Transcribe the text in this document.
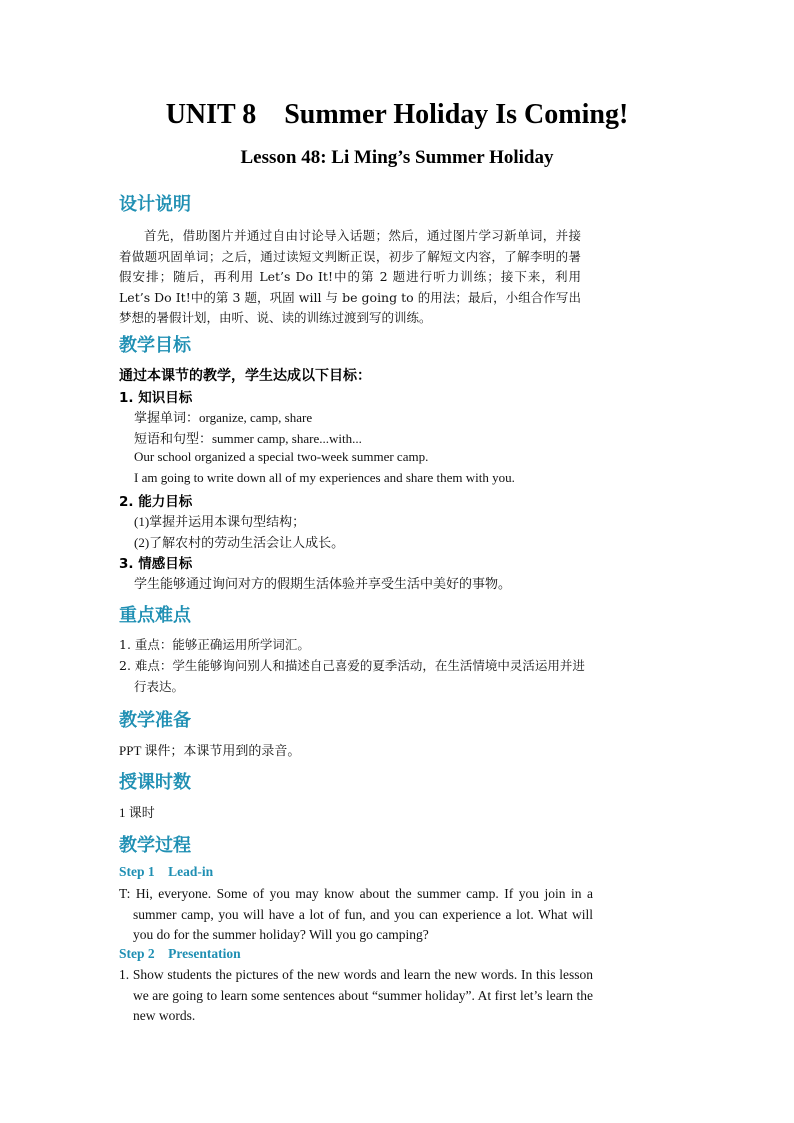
UNIT 8    Summer Holiday Is Coming!
Lesson 48: Li Ming’s Summer Holiday
设计说明
首先，借助图片并通过自由讨论导入话题；然后，通过图片学习新单词，并接着做题巩固单词；之后，通过读短文判断正误，初步了解短文内容，了解李明的暑假安排；随后，再利用 Let’s Do It!中的第 2 题进行听力训练；接下来，利用 Let’s Do It!中的第 3 题，巩固 will 与 be going to 的用法；最后，小组合作写出梦想的暑假计划，由听、说、读的训练过渡到写的训练。
教学目标
通过本课节的教学，学生达成以下目标：
1. 知识目标
掌握单词：organize, camp, share
短语和句型：summer camp, share...with...
Our school organized a special two-week summer camp.
I am going to write down all of my experiences and share them with you.
2. 能力目标
(1)掌握并运用本课句型结构；
(2)了解农村的劳动生活会让人成长。
3. 情感目标
学生能够通过询问对方的假期生活体验并享受生活中美好的事物。
重点难点
1. 重点：能够正确运用所学词汇。
2. 难点：学生能够询问别人和描述自己喜爱的夏季活动，在生活情境中灵活运用并进行表达。
教学准备
PPT 课件；本课节用到的录音。
授课时数
1 课时
教学过程
Step 1    Lead-in
T: Hi, everyone. Some of you may know about the summer camp. If you join in a summer camp, you will have a lot of fun, and you can experience a lot. What will you do for the summer holiday? Will you go camping?
Step 2    Presentation
1. Show students the pictures of the new words and learn the new words. In this lesson we are going to learn some sentences about “summer holiday”. At first let’s learn the new words.
